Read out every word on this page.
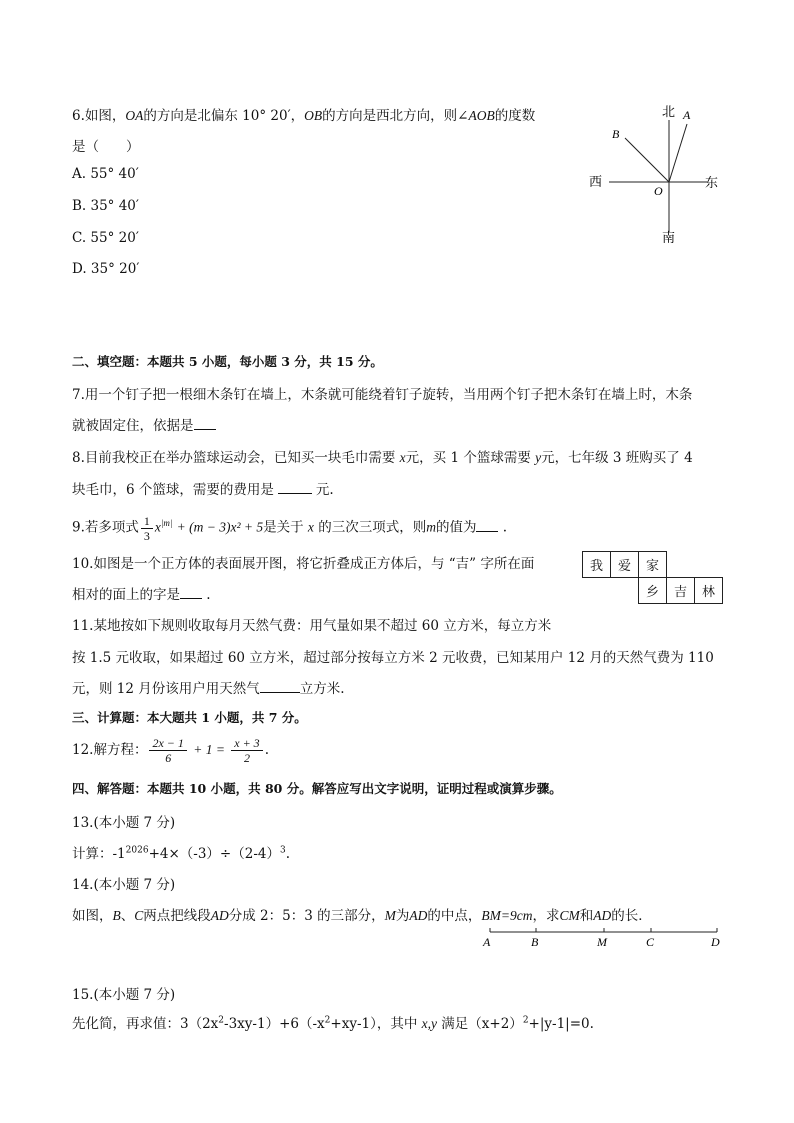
6.如图，OA的方向是北偏东 10° 20′，OB的方向是西北方向，则∠AOB的度数
是（　　）
A. 55° 40′
B. 35° 40′
C. 55° 20′
D. 35° 20′
北 A
B
西	东
O
南
二、填空题：本题共 5 小题，每小题 3 分，共 15 分。
7.用一个钉子把一根细木条钉在墙上，木条就可能绕着钉子旋转，当用两个钉子把木条钉在墙上时，木条
就被固定住，依据是
8.目前我校正在举办篮球运动会，已知买一块毛巾需要 x元，买 1 个篮球需要 y元，七年级 3 班购买了 4
块毛巾，6 个篮球，需要的费用是	元.
9.若多项式 $\frac{1}{3} x^{|m|} + (m - 3)x^2 + 5$是关于 x 的三次三项式，则m的值为 .
10.如图是一个正方体的表面展开图，将它折叠成正方体后，与 “吉” 字所在面
相对的面上的字是 .
我	爱	家		
		乡	吉	林
11.某地按如下规则收取每月天然气费：用气量如果不超过 60 立方米，每立方米
按 1.5 元收取，如果超过 60 立方米，超过部分按每立方米 2 元收费，已知某用户 12 月的天然气费为 110
元，则 12 月份该用户用天然气	立方米.
三、计算题：本大题共 1 小题，共 7 分。
12.解方程： $\frac{2x - 1}{6} + 1 = \frac{x + 3}{2}$ .
四、解答题：本题共 10 小题，共 80 分。解答应写出文字说明，证明过程或演算步骤。
13.(本小题 7 分)
计算：$-1^{2026}+4\times(-3)\div(2-4)^3$.
14.(本小题 7 分)
如图，B、C两点把线段AD分成 2：5：3 的三部分，M为AD的中点，BM=9cm，求CM和AD的长．
A	B	M	C	D
15.(本小题 7 分)
先化简，再求值：$3(2x^2-3xy-1)+6(-x^2+xy-1)$，其中 x,y 满足$(x+2)^2+|y-1|=0$.
